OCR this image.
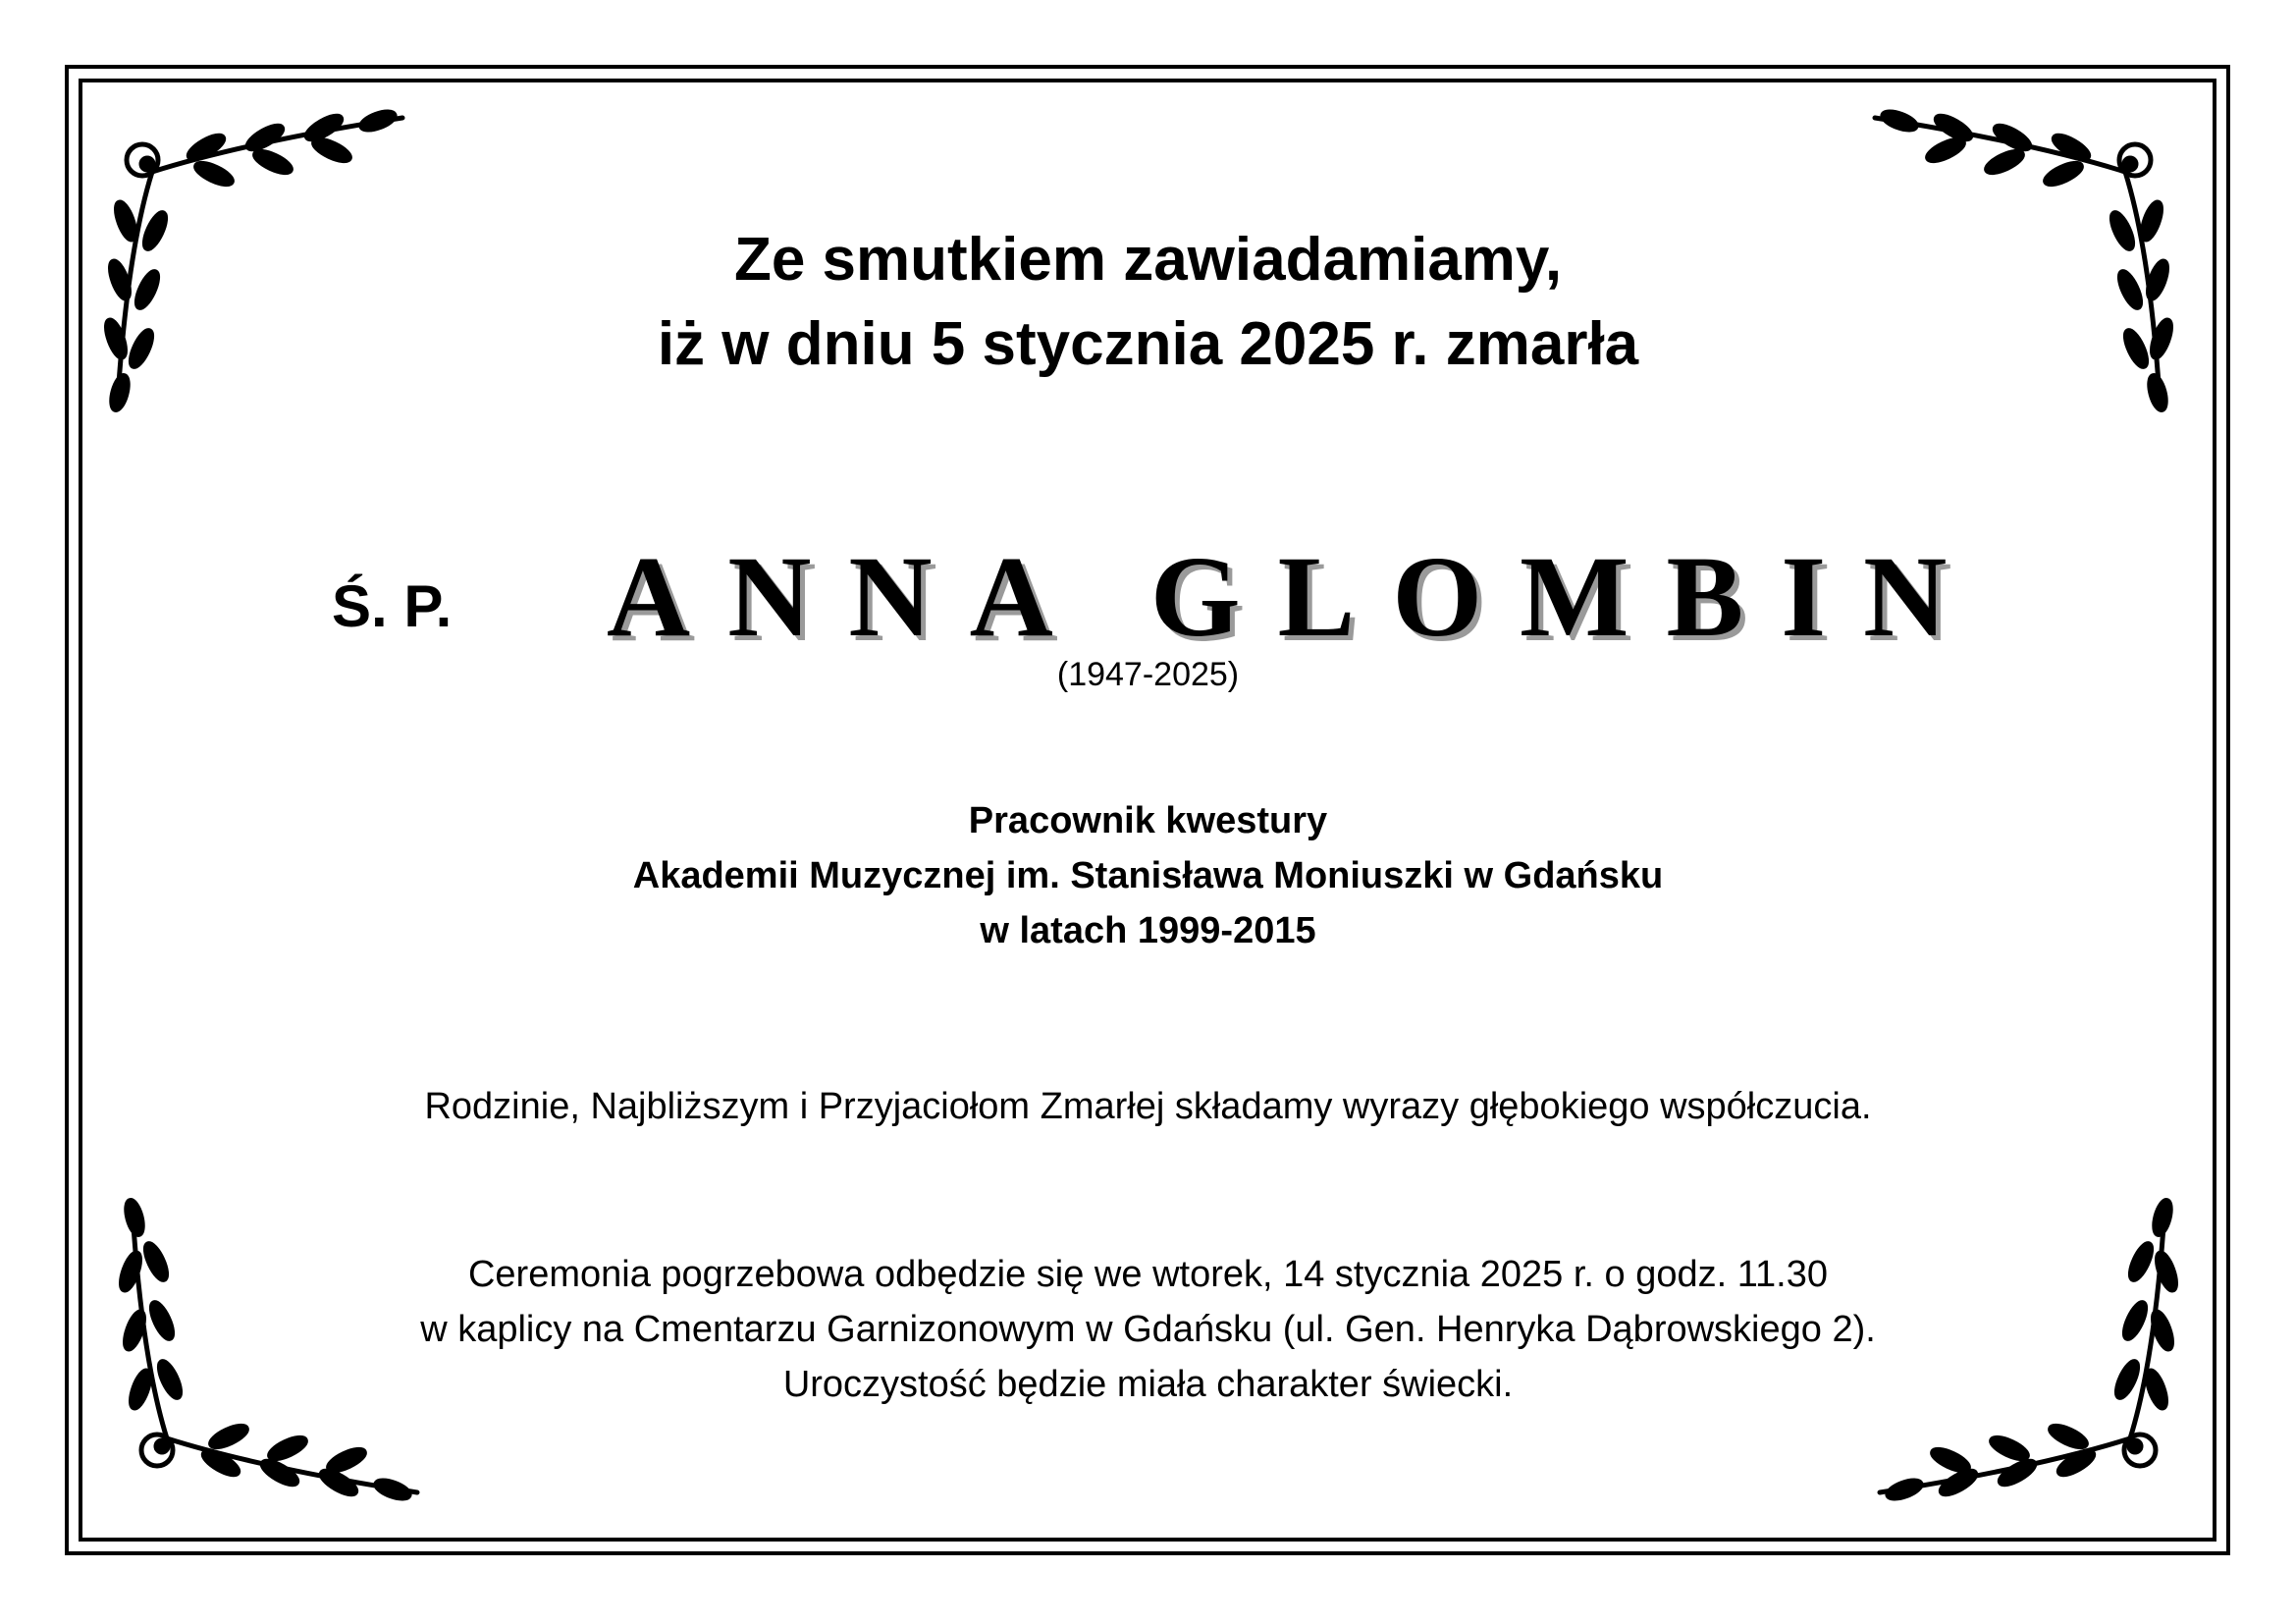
Ze smutkiem zawiadamiamy,
iż w dniu 5 stycznia 2025 r. zmarła
Ś. P. ANNA GLOMBIN
(1947-2025)
Pracownik kwestury
Akademii Muzycznej im. Stanisława Moniuszki w Gdańsku
w latach 1999-2015
Rodzinie, Najbliższym i Przyjaciołom Zmarłej składamy wyrazy głębokiego współczucia.
Ceremonia pogrzebowa odbędzie się we wtorek, 14 stycznia 2025 r. o godz. 11.30
w kaplicy na Cmentarzu Garnizonowym w Gdańsku (ul. Gen. Henryka Dąbrowskiego 2).
Uroczystość będzie miała charakter świecki.
